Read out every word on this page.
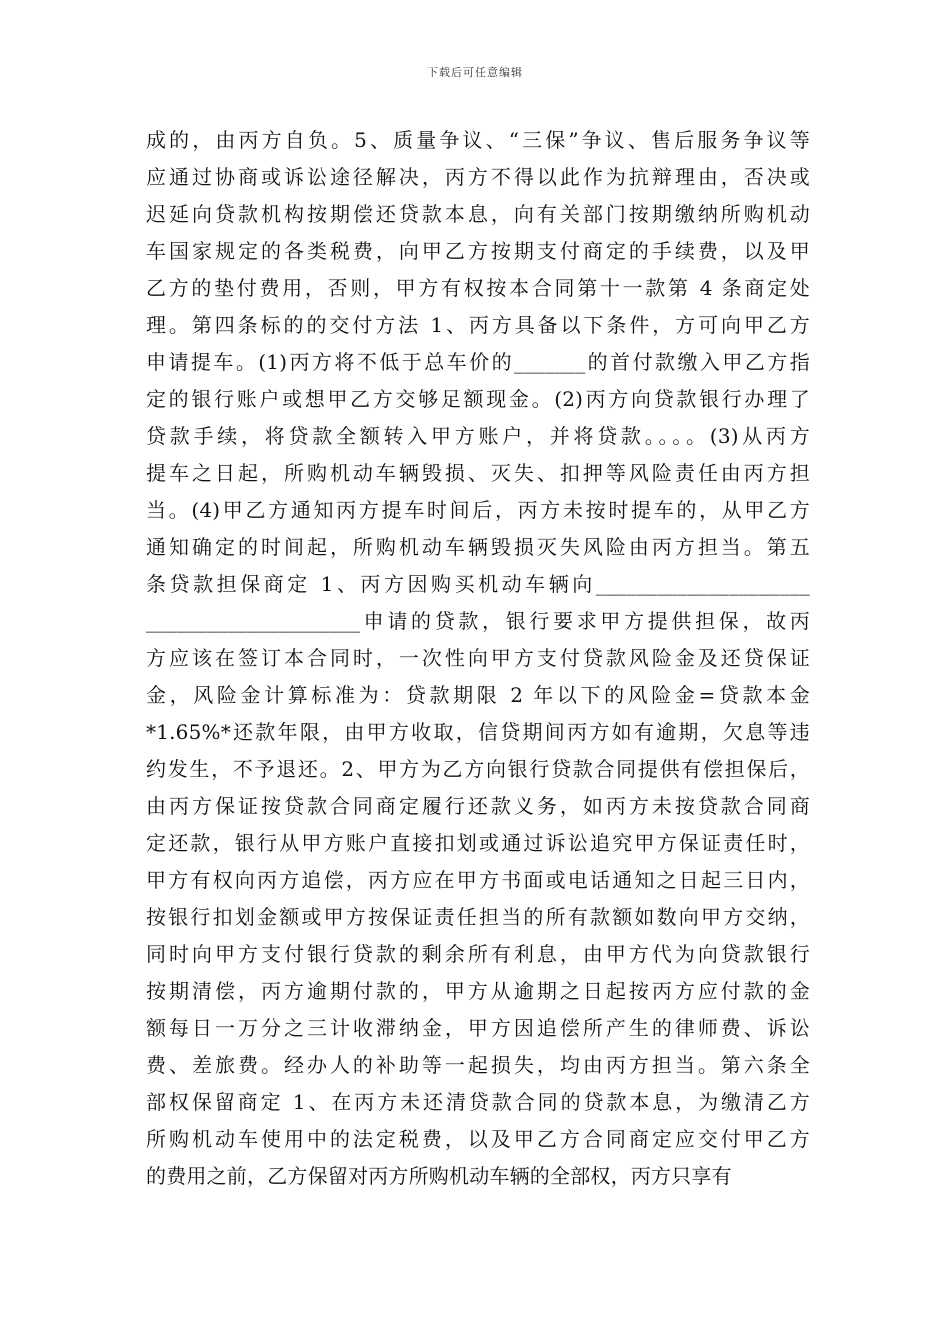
下载后可任意编辑
成的，由丙方自负。5、质量争议、“三保”争议、售后服务争议等
应通过协商或诉讼途径解决，丙方不得以此作为抗辩理由，否决或
迟延向贷款机构按期偿还贷款本息，向有关部门按期缴纳所购机动
车国家规定的各类税费，向甲乙方按期支付商定的手续费，以及甲
乙方的垫付费用，否则，甲方有权按本合同第十一款第 4 条商定处
理。第四条标的的交付方法 1、丙方具备以下条件，方可向甲乙方
申请提车。(1)丙方将不低于总车价的_______的首付款缴入甲乙方指
定的银行账户或想甲乙方交够足额现金。(2)丙方向贷款银行办理了
贷款手续，将贷款全额转入甲方账户，并将贷款。。。。(3)从丙方
提车之日起，所购机动车辆毁损、灭失、扣押等风险责任由丙方担
当。(4)甲乙方通知丙方提车时间后，丙方未按时提车的，从甲乙方
通知确定的时间起，所购机动车辆毁损灭失风险由丙方担当。第五
条贷款担保商定 1、丙方因购买机动车辆向_____________________
_____________________申请的贷款，银行要求甲方提供担保，故丙
方应该在签订本合同时，一次性向甲方支付贷款风险金及还贷保证
金，风险金计算标准为：贷款期限 2 年以下的风险金=贷款本金
*1.65%*还款年限，由甲方收取，信贷期间丙方如有逾期，欠息等违
约发生，不予退还。2、甲方为乙方向银行贷款合同提供有偿担保后，
由丙方保证按贷款合同商定履行还款义务，如丙方未按贷款合同商
定还款，银行从甲方账户直接扣划或通过诉讼追究甲方保证责任时，
甲方有权向丙方追偿，丙方应在甲方书面或电话通知之日起三日内，
按银行扣划金额或甲方按保证责任担当的所有款额如数向甲方交纳，
同时向甲方支付银行贷款的剩余所有利息，由甲方代为向贷款银行
按期清偿，丙方逾期付款的，甲方从逾期之日起按丙方应付款的金
额每日一万分之三计收滞纳金，甲方因追偿所产生的律师费、诉讼
费、差旅费。经办人的补助等一起损失，均由丙方担当。第六条全
部权保留商定 1、在丙方未还清贷款合同的贷款本息，为缴清乙方
所购机动车使用中的法定税费，以及甲乙方合同商定应交付甲乙方
的费用之前，乙方保留对丙方所购机动车辆的全部权，丙方只享有
